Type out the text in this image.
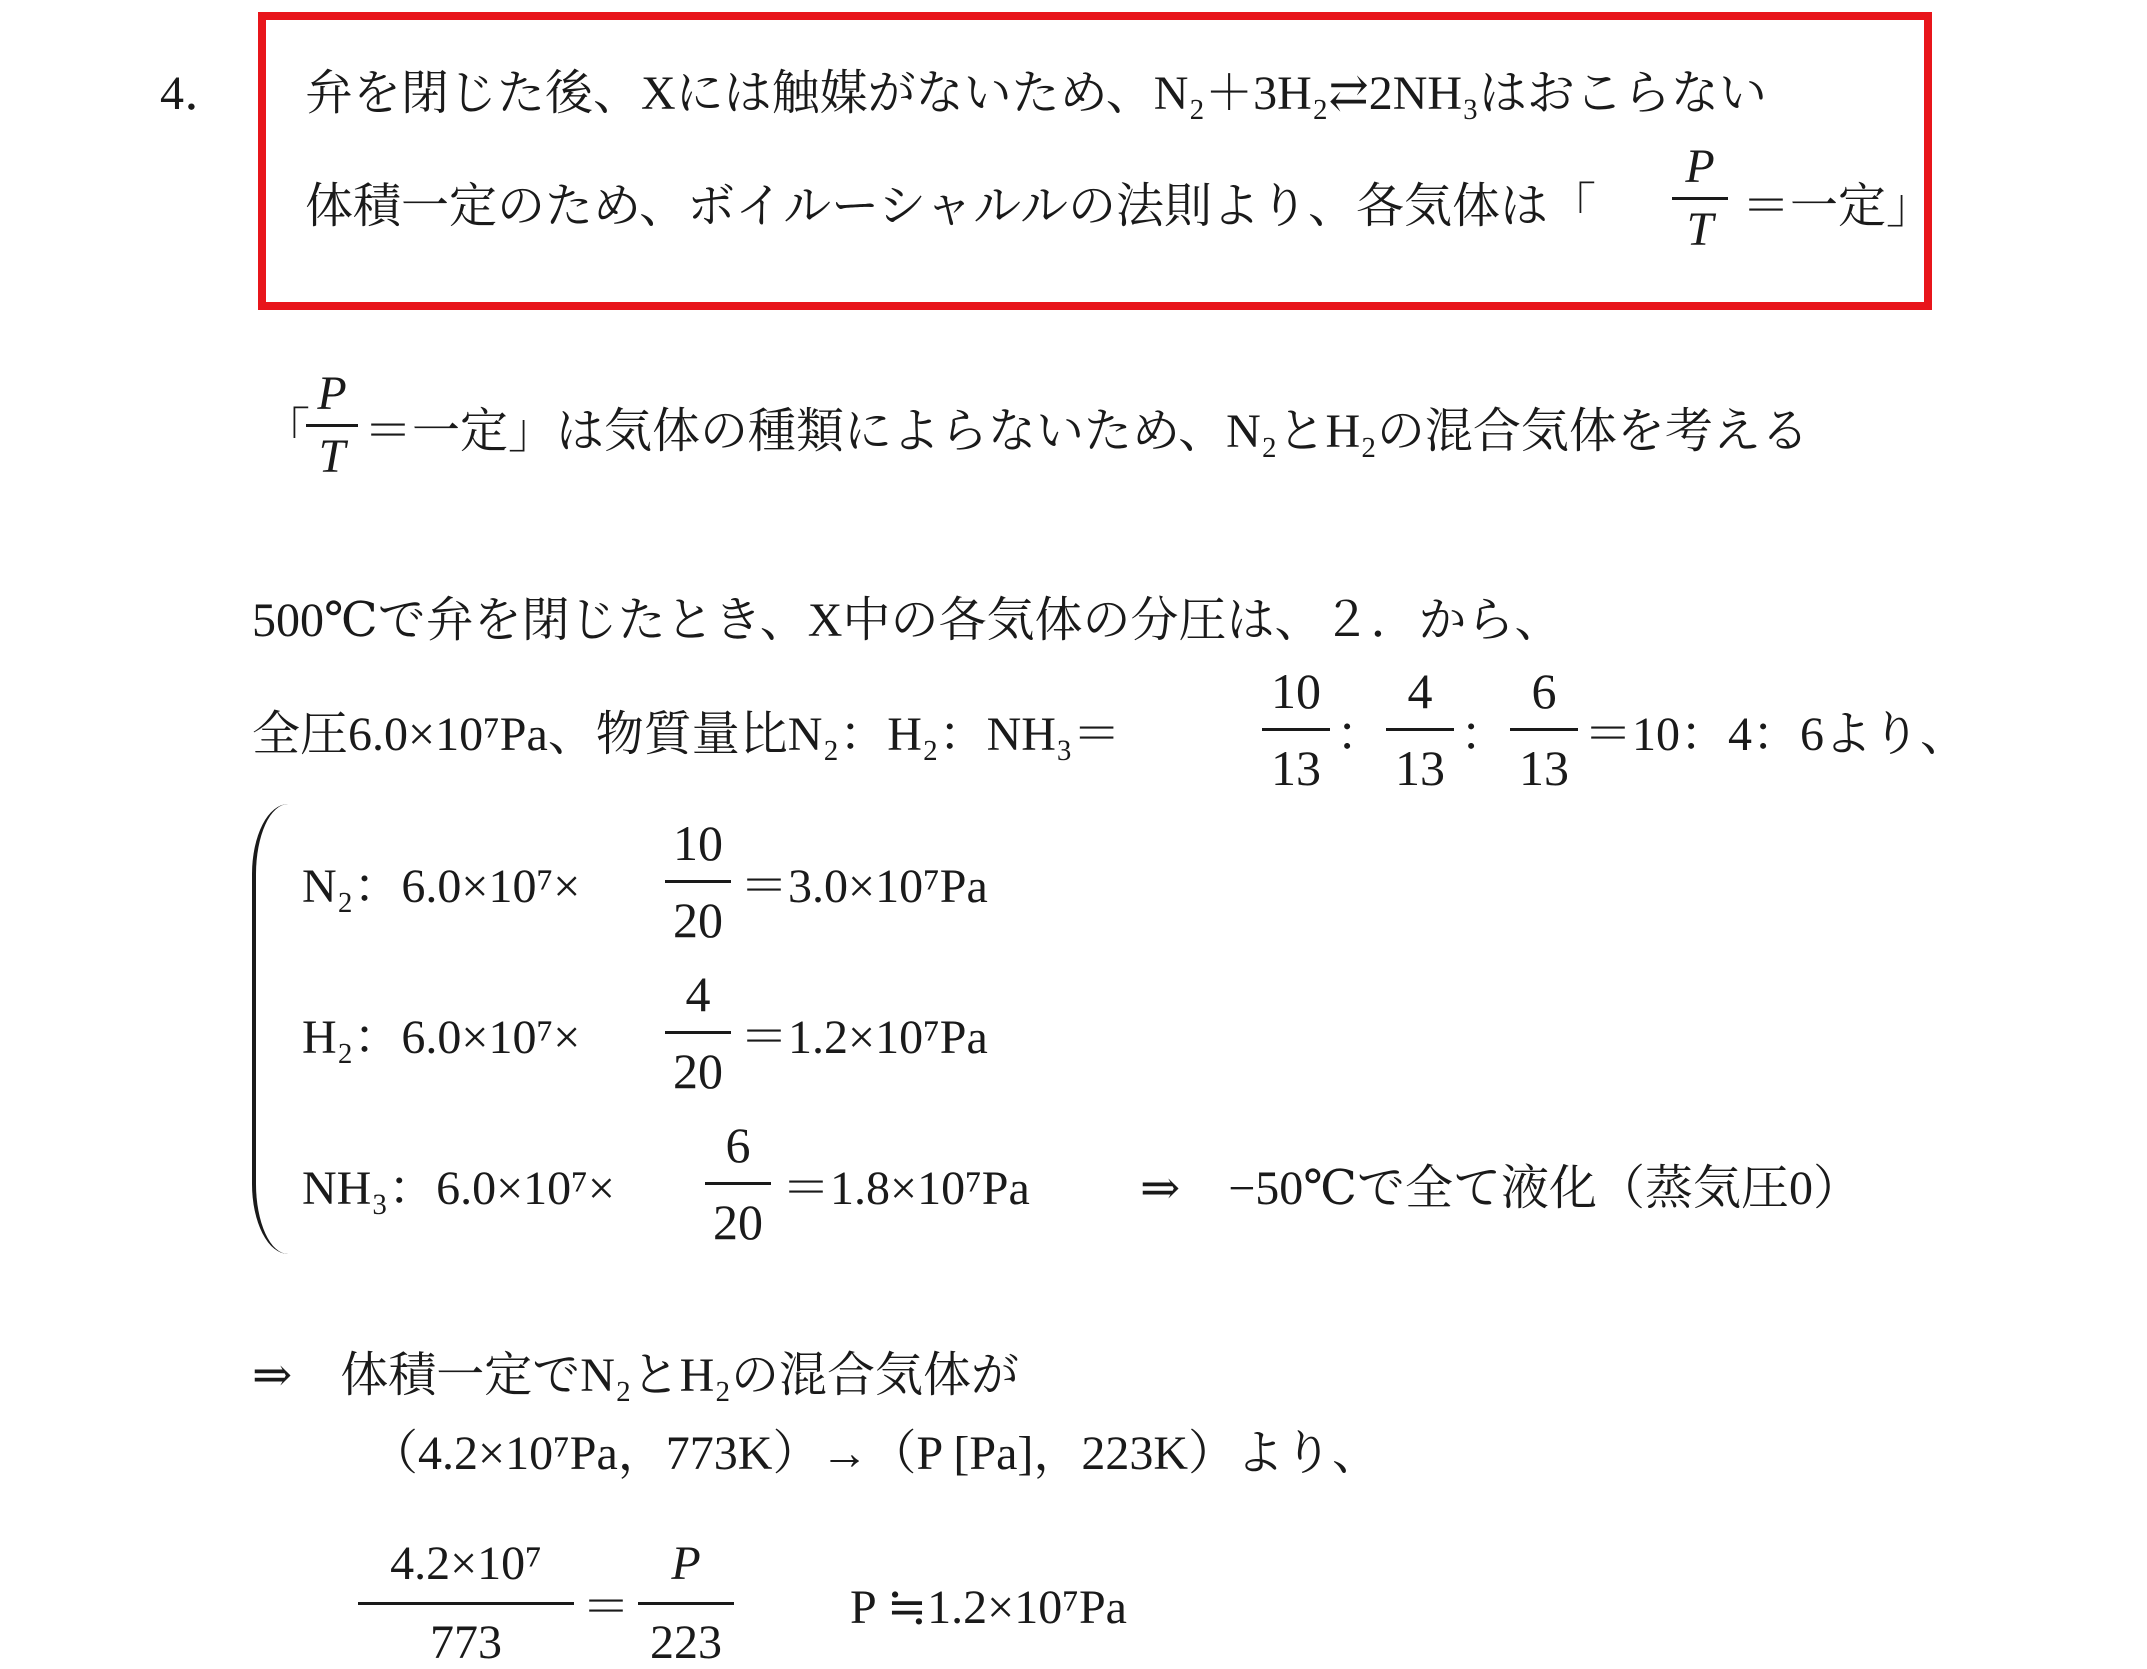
4． 弁を閉じた後、Xには触媒がないため、N₂＋3H₂⇄2NH₃はおこらない
体積一定のため、ボイルーシャルルの法則より、各気体は「
P
T ＝一定」
「
P
T ＝一定」は気体の種類によらないため、N₂とH₂の混合気体を考える
500℃で弁を閉じたとき、X中の各気体の分圧は、２．から、
全圧6.0×10⁷Pa、物質量比N₂：H₂：NH₃＝
10
13
：
4
13
：
6
13
＝10：4：6より、
N₂：6.0×10⁷×
10
20
＝3.0×10⁷Pa
H₂：6.0×10⁷×
4
20
＝1.2×10⁷Pa
NH₃：6.0×10⁷×
6
20
＝1.8×10⁷Pa ⇒　−50℃で全て液化（蒸気圧0）
⇒　体積一定でN₂とH₂の混合気体が
（4.2×10⁷Pa，773K）→（P [Pa]，223K）より、
4.2×10⁷
773
＝
P
223
P ≒1.2×10⁷Pa
